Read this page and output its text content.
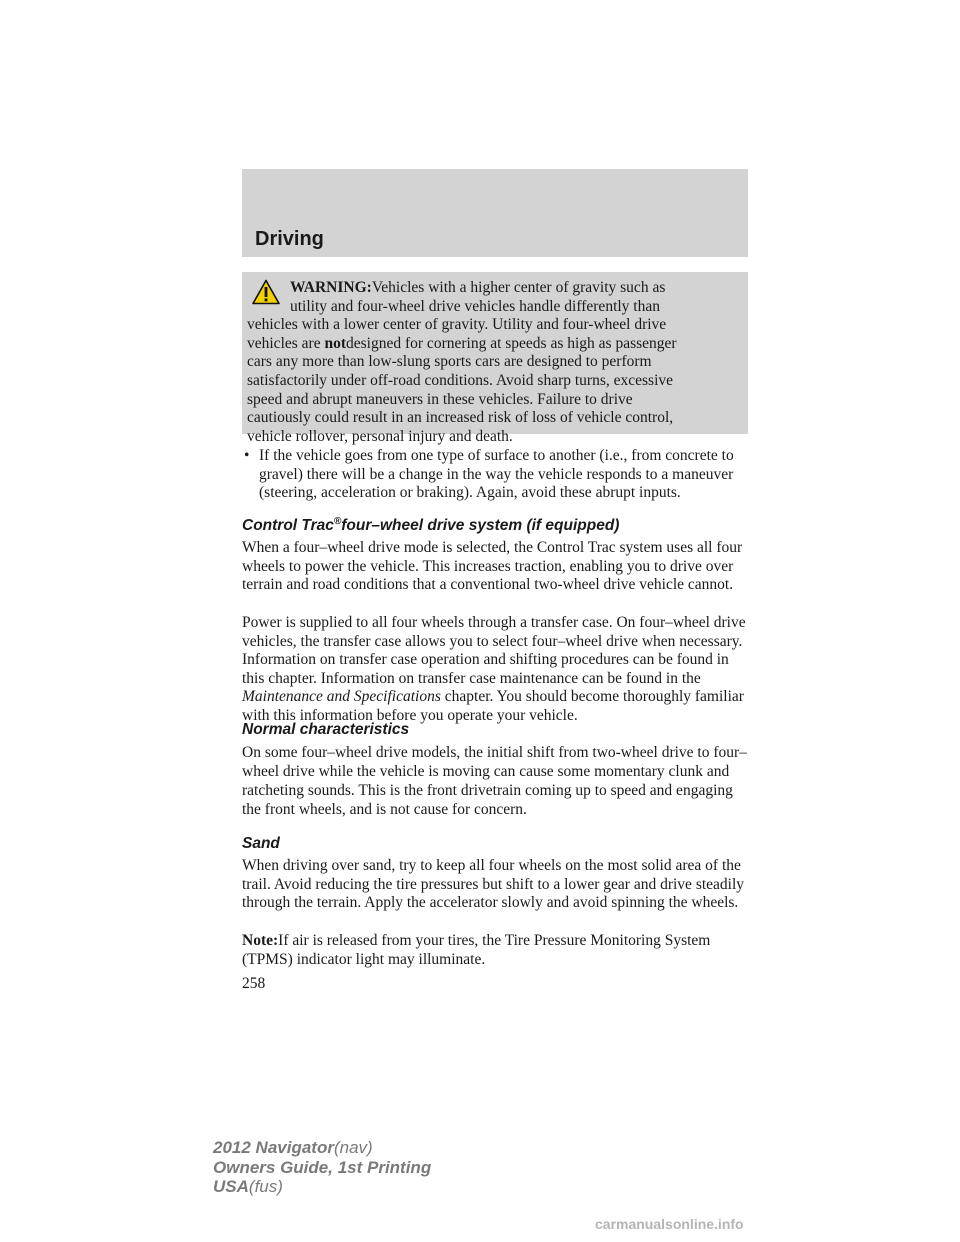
Driving
WARNING:Vehicles with a higher center of gravity such as
utility and four-wheel drive vehicles handle differently than
vehicles with a lower center of gravity. Utility and four-wheel drive
vehicles are notdesigned for cornering at speeds as high as passenger
cars any more than low-slung sports cars are designed to perform
satisfactorily under off-road conditions. Avoid sharp turns, excessive
speed and abrupt maneuvers in these vehicles. Failure to drive
cautiously could result in an increased risk of loss of vehicle control,
vehicle rollover, personal injury and death.
• If the vehicle goes from one type of surface to another (i.e., from concrete to gravel) there will be a change in the way the vehicle responds to a maneuver (steering, acceleration or braking). Again, avoid these abrupt inputs.
Control Trac®four–wheel drive system (if equipped)
When a four–wheel drive mode is selected, the Control Trac system uses all four wheels to power the vehicle. This increases traction, enabling you to drive over terrain and road conditions that a conventional two-wheel drive vehicle cannot.
Power is supplied to all four wheels through a transfer case. On four–wheel drive vehicles, the transfer case allows you to select four–wheel drive when necessary. Information on transfer case operation and shifting procedures can be found in this chapter. Information on transfer case maintenance can be found in the Maintenance and Specifications chapter. You should become thoroughly familiar with this information before you operate your vehicle.
Normal characteristics
On some four–wheel drive models, the initial shift from two-wheel drive to four–wheel drive while the vehicle is moving can cause some momentary clunk and ratcheting sounds. This is the front drivetrain coming up to speed and engaging the front wheels, and is not cause for concern.
Sand
When driving over sand, try to keep all four wheels on the most solid area of the trail. Avoid reducing the tire pressures but shift to a lower gear and drive steadily through the terrain. Apply the accelerator slowly and avoid spinning the wheels.
Note:If air is released from your tires, the Tire Pressure Monitoring System (TPMS) indicator light may illuminate.
258
2012 Navigator(nav)
Owners Guide, 1st Printing
USA(fus)
carmanualsonline.info
